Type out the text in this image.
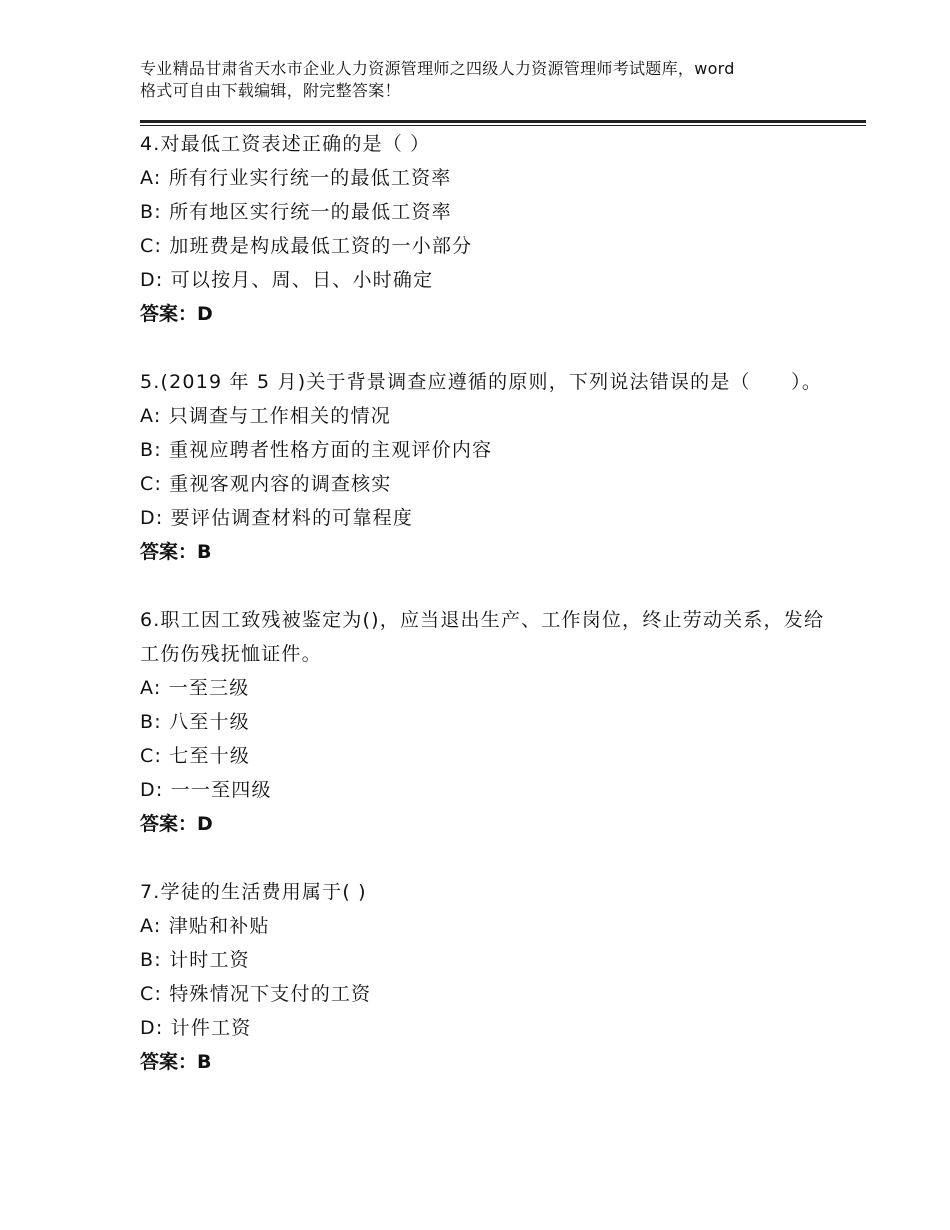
专业精品甘肃省天水市企业人力资源管理师之四级人力资源管理师考试题库，word
格式可自由下载编辑，附完整答案！
4.对最低工资表述正确的是（ ）
A: 所有行业实行统一的最低工资率
B: 所有地区实行统一的最低工资率
C: 加班费是构成最低工资的一小部分
D: 可以按月、周、日、小时确定
答案：D
5.(2019 年 5 月)关于背景调查应遵循的原则，下列说法错误的是（　　）。
A: 只调查与工作相关的情况
B: 重视应聘者性格方面的主观评价内容
C: 重视客观内容的调查核实
D: 要评估调查材料的可靠程度
答案：B
6.职工因工致残被鉴定为()，应当退出生产、工作岗位，终止劳动关系，发给工伤伤残抚恤证件。
A: 一至三级
B: 八至十级
C: 七至十级
D: 一一至四级
答案：D
7.学徒的生活费用属于( )
A: 津贴和补贴
B: 计时工资
C: 特殊情况下支付的工资
D: 计件工资
答案：B
